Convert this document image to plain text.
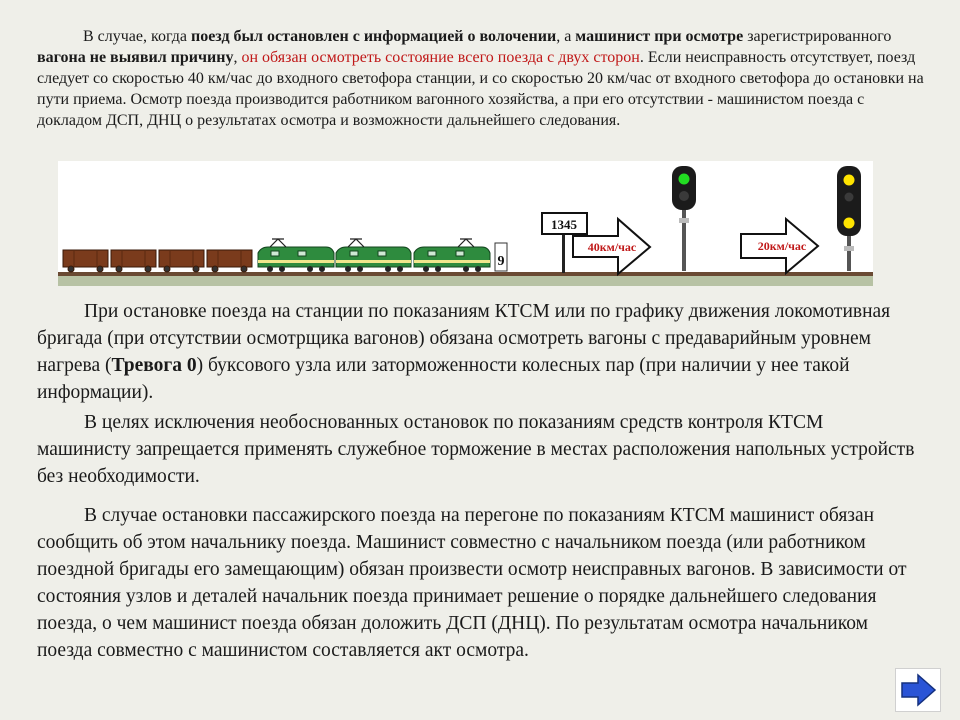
В случае, когда поезд был остановлен с информацией о волочении, а машинист при осмотре зарегистрированного вагона не выявил причину, он обязан осмотреть состояние всего поезда с двух сторон. Если неисправность отсутствует, поезд следует со скоростью 40 км/час до входного светофора станции, и со скоростью 20 км/час от входного светофора до остановки на пути приема. Осмотр поезда производится работником вагонного хозяйства, а при его отсутствии - машинистом поезда с докладом ДСП, ДНЦ о результатах осмотра и возможности дальнейшего следования.
9
1345
40км/час	20км/час
При остановке поезда на станции по показаниям КТСМ или по графику движения локомотивная бригада (при отсутствии осмотрщика вагонов) обязана осмотреть вагоны с предаварийным уровнем нагрева (Тревога 0) буксового узла или заторможенности колесных пар (при наличии у нее такой информации).
В целях исключения необоснованных остановок по показаниям средств контроля КТСМ машинисту запрещается применять служебное торможение в местах расположения напольных устройств без необходимости.
В случае остановки пассажирского поезда на перегоне по показаниям КТСМ машинист обязан сообщить об этом начальнику поезда. Машинист совместно с начальником поезда (или работником поездной бригады его замещающим) обязан произвести осмотр неисправных вагонов. В зависимости от состояния узлов и деталей начальник поезда принимает решение о порядке дальнейшего следования поезда, о чем машинист поезда обязан доложить ДСП (ДНЦ). По результатам осмотра начальником поезда совместно с машинистом составляется акт осмотра.
